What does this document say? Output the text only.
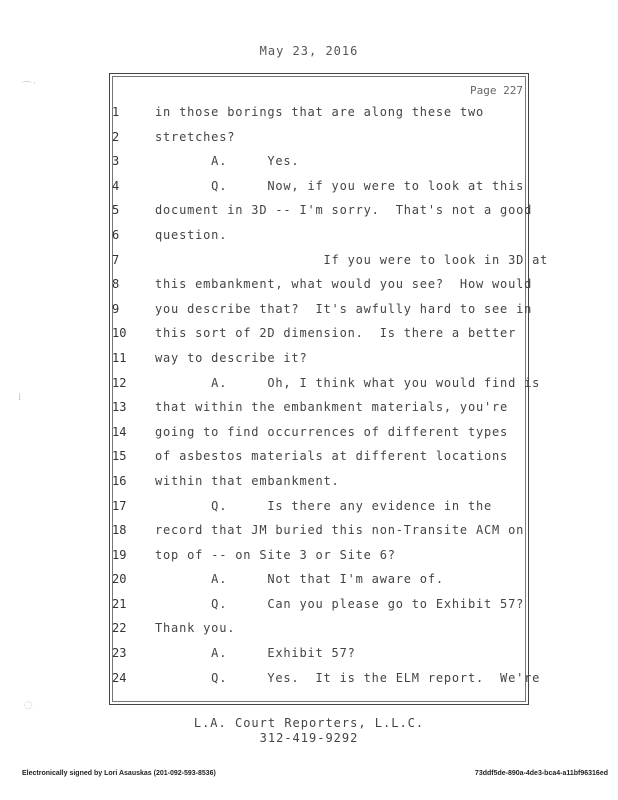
May 23, 2016
Page 227
1	in those borings that are along these two
2	stretches?
3	A.     Yes.
4	Q.     Now, if you were to look at this
5	document in 3D -- I'm sorry.  That's not a good
6	question.
7	If you were to look in 3D at
8	this embankment, what would you see?  How would
9	you describe that?  It's awfully hard to see in
10	this sort of 2D dimension.  Is there a better
11	way to describe it?
12	A.     Oh, I think what you would find is
13	that within the embankment materials, you're
14	going to find occurrences of different types
15	of asbestos materials at different locations
16	within that embankment.
17	Q.     Is there any evidence in the
18	record that JM buried this non-Transite ACM on
19	top of -- on Site 3 or Site 6?
20	A.     Not that I'm aware of.
21	Q.     Can you please go to Exhibit 57?
22	Thank you.
23	A.     Exhibit 57?
24	Q.     Yes.  It is the ELM report.  We're
L.A. Court Reporters, L.L.C.
312-419-9292
Electronically signed by Lori Asauskas (201-092-593-8536)	73ddf5de-890a-4de3-bca4-a11bf96316ed
⌒˙
⁞
◌
